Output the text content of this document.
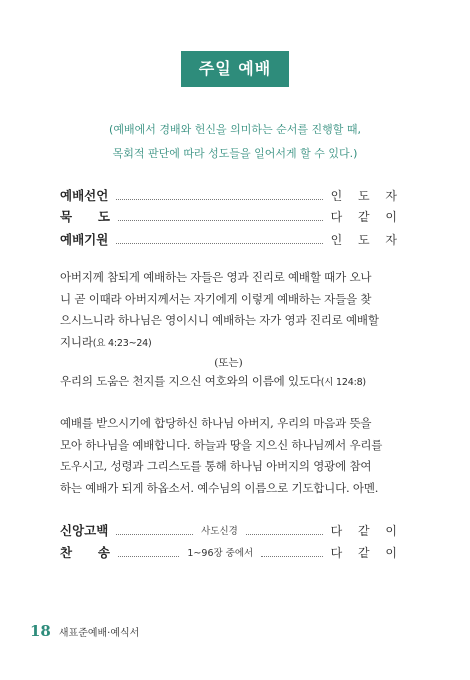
주일 예배
(예배에서 경배와 헌신을 의미하는 순서를 진행할 때,
목회적 판단에 따라 성도들을 일어서게 할 수 있다.)
예배선언	인 도 자
묵 도	다 같 이
예배기원	인 도 자
아버지께 참되게 예배하는 자들은 영과 진리로 예배할 때가 오나
니 곧 이때라 아버지께서는 자기에게 이렇게 예배하는 자들을 찾
으시느니라 하나님은 영이시니 예배하는 자가 영과 진리로 예배할
지니라(요 4:23~24)
(또는)
우리의 도움은 천지를 지으신 여호와의 이름에 있도다(시 124:8)
예배를 받으시기에 합당하신 하나님 아버지, 우리의 마음과 뜻을
모아 하나님을 예배합니다. 하늘과 땅을 지으신 하나님께서 우리를
도우시고, 성령과 그리스도를 통해 하나님 아버지의 영광에 참여
하는 예배가 되게 하옵소서. 예수님의 이름으로 기도합니다. 아멘.
신앙고백	사도신경	다 같 이
찬 송	1~96장 중에서	다 같 이
18 새표준예배·예식서
